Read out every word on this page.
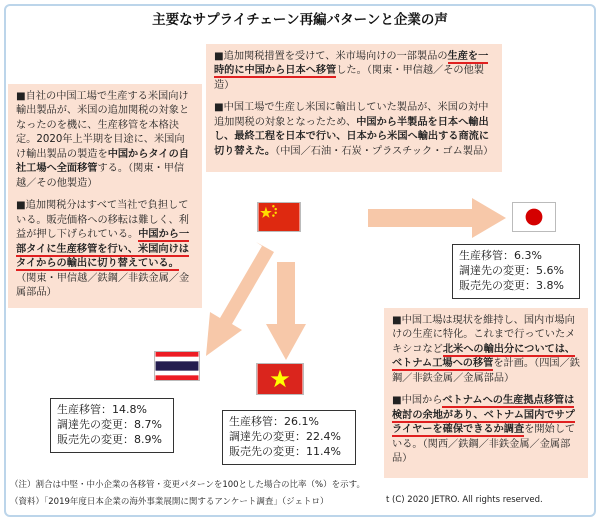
主要なサプライチェーン再編パターンと企業の声

■追加関税措置を受けて、米市場向けの一部製品の生産を一時的に中国から日本へ移管した。（関東・甲信越／その他製造）

■中国工場で生産し米国に輸出していた製品が、米国の対中追加関税の対象となったため、中国から半製品を日本へ輸出し、最終工程を日本で行い、日本から米国へ輸出する商流に切り替えた。（中国／石油・石炭・プラスチック・ゴム製品）

■自社の中国工場で生産する米国向け輸出製品が、米国の追加関税の対象となったのを機に、生産移管を本格決定。2020年上半期を目途に、米国向け輸出製品の製造を中国からタイの自社工場へ全面移管する。（関東・甲信越／その他製造）

■追加関税分はすべて当社で負担している。販売価格への移転は難しく、利益が押し下げられている。中国から一部タイに生産移管を行い、米国向けはタイからの輸出に切り替えている。（関東・甲信越／鉄鋼／非鉄金属／金属部品）

■中国工場は現状を維持し、国内市場向けの生産に特化。これまで行っていたメキシコなど北米への輸出分については、ベトナム工場への移管を計画。（四国／鉄鋼／非鉄金属／金属部品）

■中国からベトナムへの生産拠点移管は検討の余地があり、ベトナム国内でサプライヤーを確保できるか調査を開始している。（関西／鉄鋼／非鉄金属／金属部品）

生産移管：6.3%
調達先の変更：5.6%
販売先の変更：3.8%
生産移管：14.8%
調達先の変更：8.7%
販売先の変更：8.9%
生産移管：26.1%
調達先の変更：22.4%
販売先の変更：11.4%
（注）割合は中堅・中小企業の各移管・変更パターンを100とした場合の比率（%）を示す。
（資料）「2019年度日本企業の海外事業展開に関するアンケート調査」（ジェトロ）	t (C) 2020 JETRO. All rights reserved.
